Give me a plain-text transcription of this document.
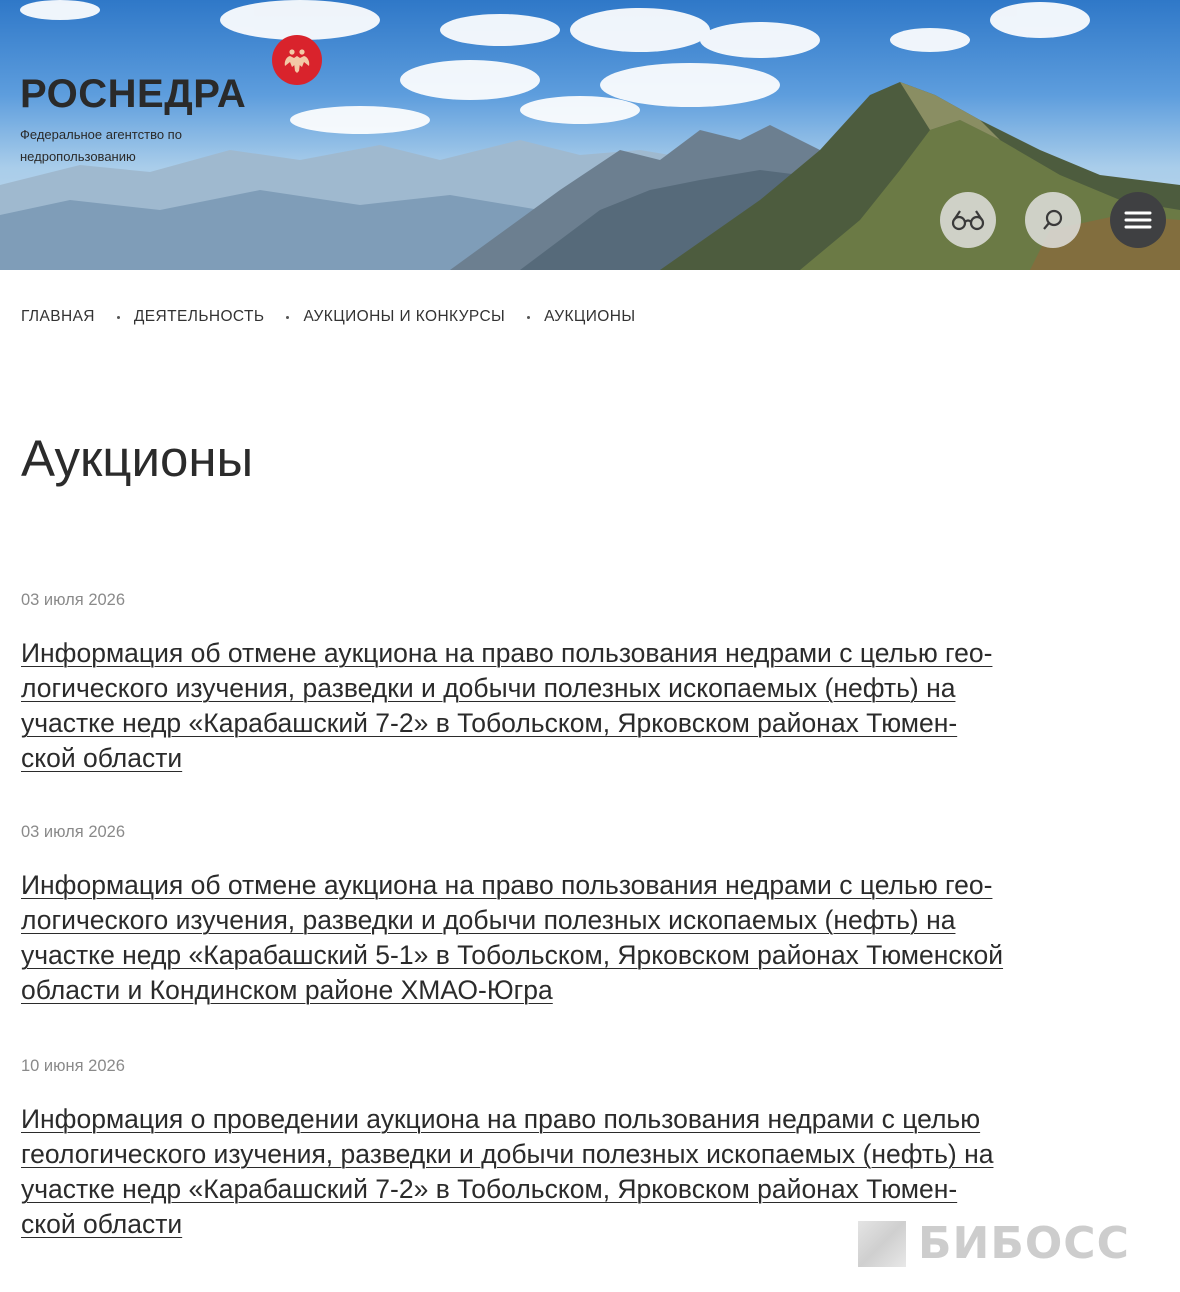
РОСНЕДРА
Федеральное агентство по недропользованию
ГЛАВНАЯ	ДЕЯТЕЛЬНОСТЬ	АУКЦИОНЫ И КОНКУРСЫ	АУКЦИОНЫ
Аукционы
03 июля 2026
Информация об отмене аукциона на право пользования недрами с целью гео-
логического изучения, разведки и добычи полезных ископаемых (нефть) на
участке недр «Карабашский 7-2» в Тобольском, Ярковском районах Тюмен-
ской области
03 июля 2026
Информация об отмене аукциона на право пользования недрами с целью гео-
логического изучения, разведки и добычи полезных ископаемых (нефть) на
участке недр «Карабашский 5-1» в Тобольском, Ярковском районах Тюменской
области и Кондинском районе ХМАО-Югра
10 июня 2026
Информация о проведении аукциона на право пользования недрами с целью
геологического изучения, разведки и добычи полезных ископаемых (нефть) на
участке недр «Карабашский 7-2» в Тобольском, Ярковском районах Тюмен-
ской области	БИБОСС
